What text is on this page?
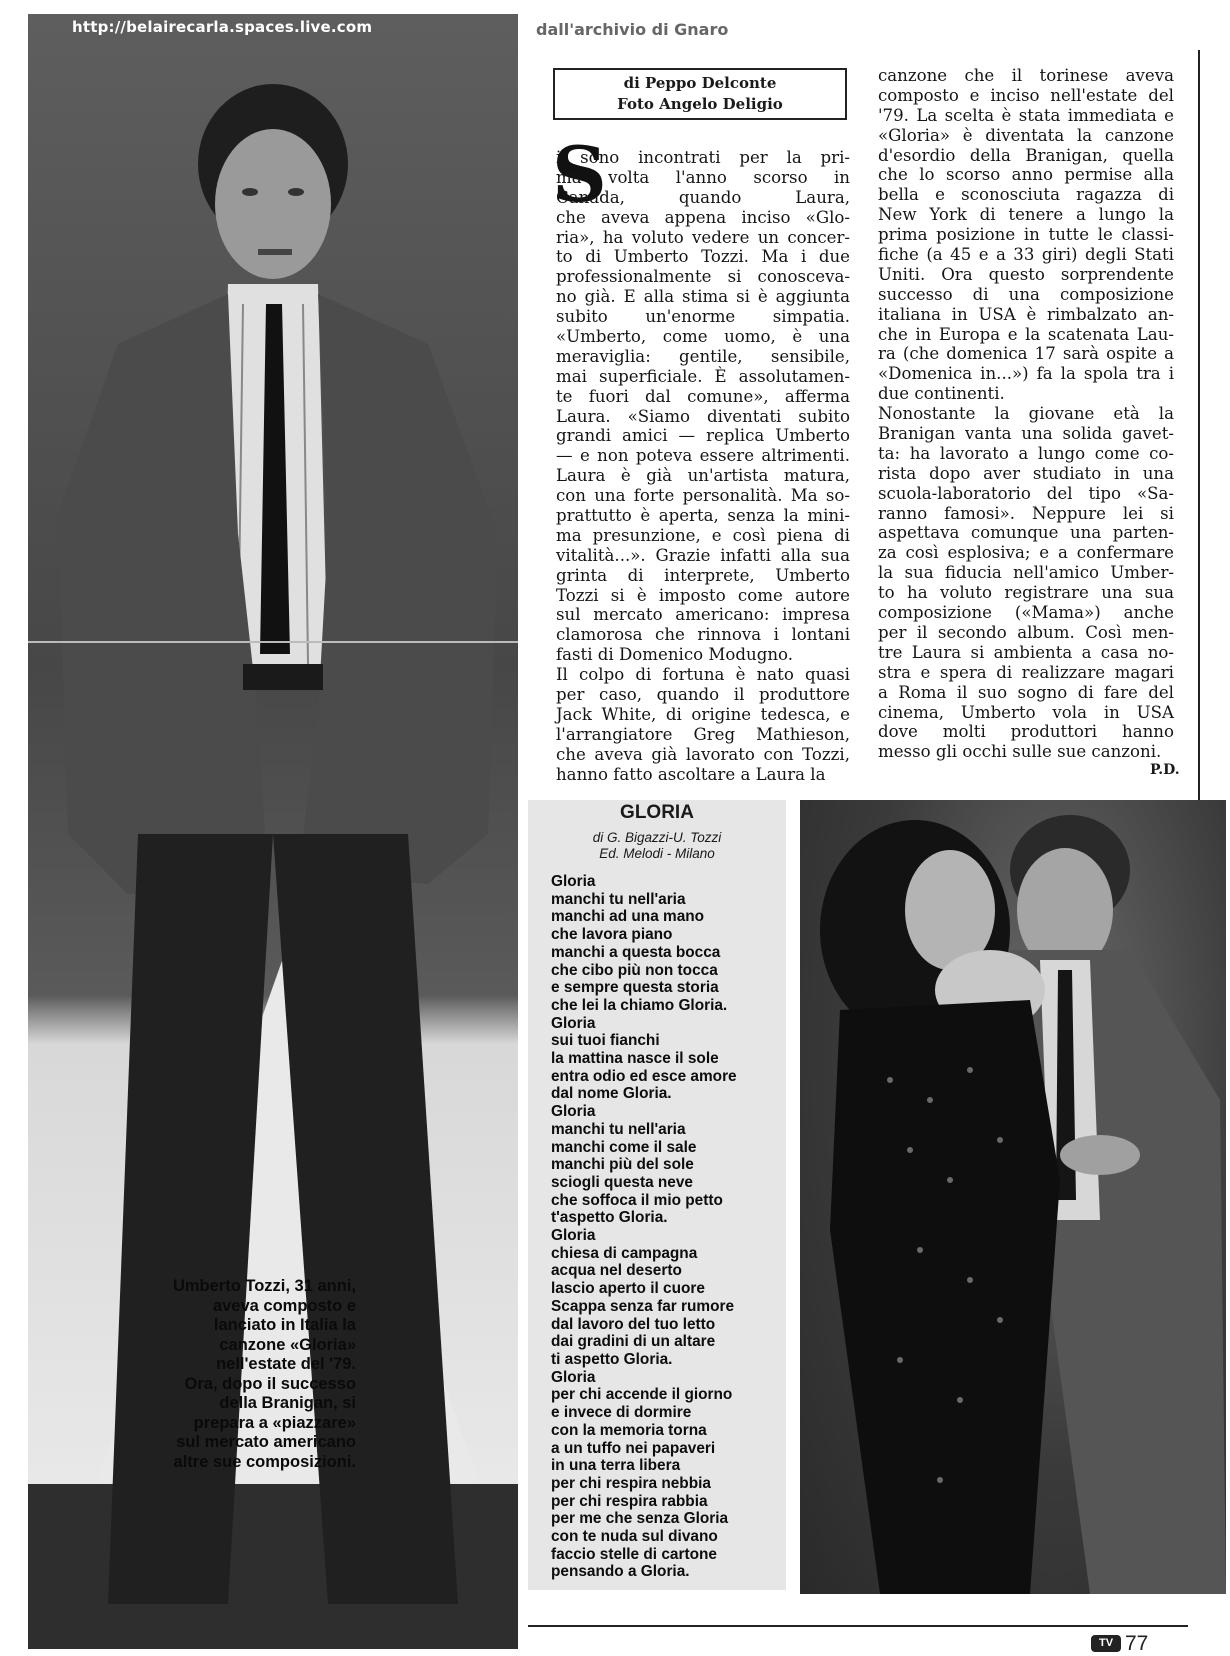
http://belairecarla.spaces.live.com	dall'archivio di Gnaro
Umberto Tozzi, 31 anni,
aveva composto e
lanciato in Italia la
canzone «Gloria»
nell'estate del '79.
Ora, dopo il successo
della Branigan, si
prepara a «piazzare»
sul mercato americano
altre sue composizioni.
di Peppo Delconte
Foto Angelo Deligio
S
i sono incontrati per la pri-
ma volta l'anno scorso in
Canada, quando Laura,
che aveva appena inciso «Glo-
ria», ha voluto vedere un concer-
to di Umberto Tozzi. Ma i due
professionalmente si conosceva-
no già. E alla stima si è aggiunta
subito un'enorme simpatia.
«Umberto, come uomo, è una
meraviglia: gentile, sensibile,
mai superficiale. È assolutamen-
te fuori dal comune», afferma
Laura. «Siamo diventati subito
grandi amici — replica Umberto
— e non poteva essere altrimenti.
Laura è già un'artista matura,
con una forte personalità. Ma so-
prattutto è aperta, senza la mini-
ma presunzione, e così piena di
vitalità...». Grazie infatti alla sua
grinta di interprete, Umberto
Tozzi si è imposto come autore
sul mercato americano: impresa
clamorosa che rinnova i lontani
fasti di Domenico Modugno.
Il colpo di fortuna è nato quasi
per caso, quando il produttore
Jack White, di origine tedesca, e
l'arrangiatore Greg Mathieson,
che aveva già lavorato con Tozzi,
hanno fatto ascoltare a Laura la
canzone che il torinese aveva
composto e inciso nell'estate del
'79. La scelta è stata immediata e
«Gloria» è diventata la canzone
d'esordio della Branigan, quella
che lo scorso anno permise alla
bella e sconosciuta ragazza di
New York di tenere a lungo la
prima posizione in tutte le classi-
fiche (a 45 e a 33 giri) degli Stati
Uniti. Ora questo sorprendente
successo di una composizione
italiana in USA è rimbalzato an-
che in Europa e la scatenata Lau-
ra (che domenica 17 sarà ospite a
«Domenica in...») fa la spola tra i
due continenti.
Nonostante la giovane età la
Branigan vanta una solida gavet-
ta: ha lavorato a lungo come co-
rista dopo aver studiato in una
scuola-laboratorio del tipo «Sa-
ranno famosi». Neppure lei si
aspettava comunque una parten-
za così esplosiva; e a confermare
la sua fiducia nell'amico Umber-
to ha voluto registrare una sua
composizione («Mama») anche
per il secondo album. Così men-
tre Laura si ambienta a casa no-
stra e spera di realizzare magari
a Roma il suo sogno di fare del
cinema, Umberto vola in USA
dove molti produttori hanno
messo gli occhi sulle sue canzoni.
P.D.
GLORIA
di G. Bigazzi-U. Tozzi
Ed. Melodi - Milano
Gloria
manchi tu nell'aria
manchi ad una mano
che lavora piano
manchi a questa bocca
che cibo più non tocca
e sempre questa storia
che lei la chiamo Gloria.
Gloria
sui tuoi fianchi
la mattina nasce il sole
entra odio ed esce amore
dal nome Gloria.
Gloria
manchi tu nell'aria
manchi come il sale
manchi più del sole
sciogli questa neve
che soffoca il mio petto
t'aspetto Gloria.
Gloria
chiesa di campagna
acqua nel deserto
lascio aperto il cuore
Scappa senza far rumore
dal lavoro del tuo letto
dai gradini di un altare
ti aspetto Gloria.
Gloria
per chi accende il giorno
e invece di dormire
con la memoria torna
a un tuffo nei papaveri
in una terra libera
per chi respira nebbia
per chi respira rabbia
per me che senza Gloria
con te nuda sul divano
faccio stelle di cartone
pensando a Gloria.
TV 77
